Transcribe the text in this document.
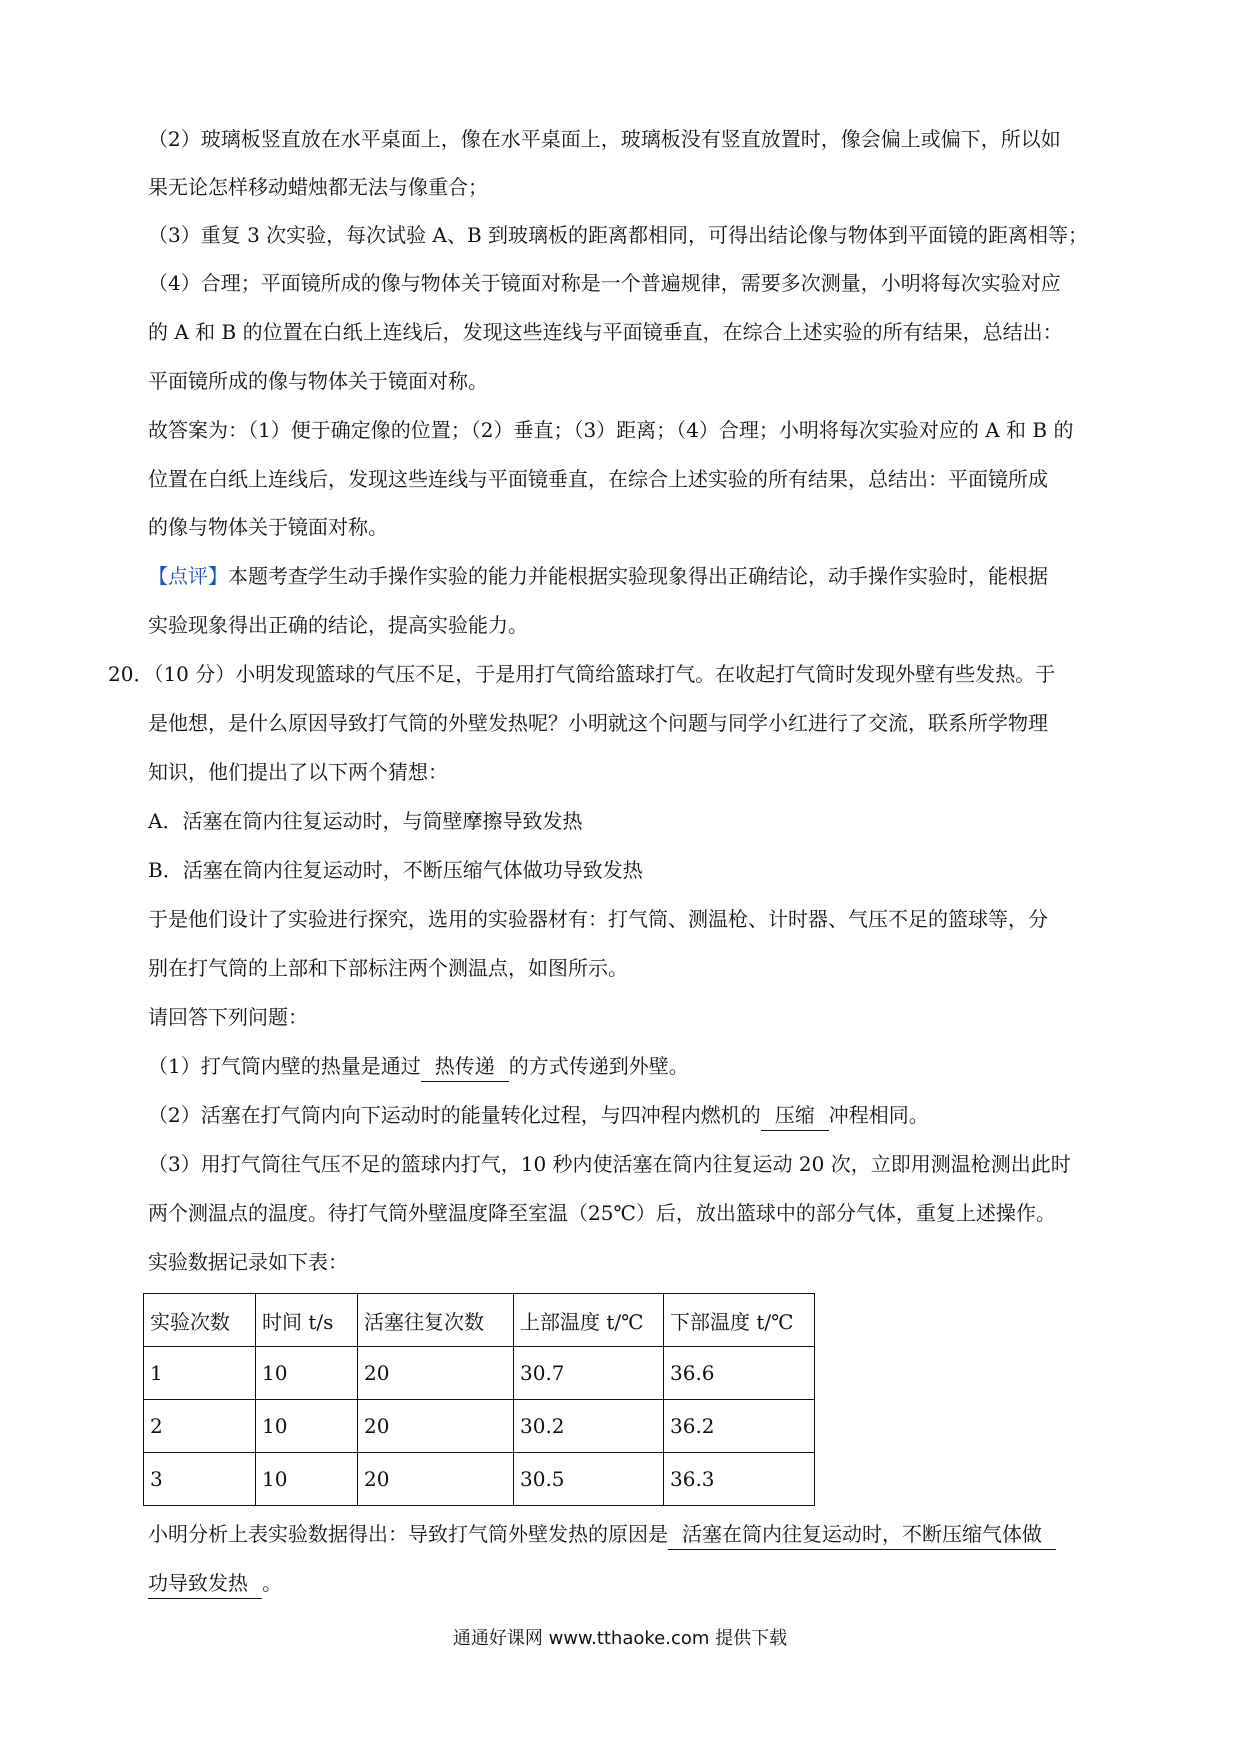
（2）玻璃板竖直放在水平桌面上，像在水平桌面上，玻璃板没有竖直放置时，像会偏上或偏下，所以如

果无论怎样移动蜡烛都无法与像重合；

（3）重复 3 次实验，每次试验 A、B 到玻璃板的距离都相同，可得出结论像与物体到平面镜的距离相等；

（4）合理；平面镜所成的像与物体关于镜面对称是一个普遍规律，需要多次测量，小明将每次实验对应

的 A 和 B 的位置在白纸上连线后，发现这些连线与平面镜垂直，在综合上述实验的所有结果，总结出：

平面镜所成的像与物体关于镜面对称。

故答案为：（1）便于确定像的位置；（2）垂直；（3）距离；（4）合理；小明将每次实验对应的 A 和 B 的

位置在白纸上连线后，发现这些连线与平面镜垂直，在综合上述实验的所有结果，总结出：平面镜所成

的像与物体关于镜面对称。

【点评】本题考查学生动手操作实验的能力并能根据实验现象得出正确结论，动手操作实验时，能根据

实验现象得出正确的结论，提高实验能力。

20．（10 分）小明发现篮球的气压不足，于是用打气筒给篮球打气。在收起打气筒时发现外壁有些发热。于

是他想，是什么原因导致打气筒的外壁发热呢？小明就这个问题与同学小红进行了交流，联系所学物理

知识，他们提出了以下两个猜想：

A．活塞在筒内往复运动时，与筒壁摩擦导致发热

B．活塞在筒内往复运动时，不断压缩气体做功导致发热

于是他们设计了实验进行探究，选用的实验器材有：打气筒、测温枪、计时器、气压不足的篮球等，分

别在打气筒的上部和下部标注两个测温点，如图所示。

请回答下列问题：

（1）打气筒内壁的热量是通过 热传递 的方式传递到外壁。

（2）活塞在打气筒内向下运动时的能量转化过程，与四冲程内燃机的 压缩 冲程相同。

（3）用打气筒往气压不足的篮球内打气，10 秒内使活塞在筒内往复运动 20 次，立即用测温枪测出此时

两个测温点的温度。待打气筒外壁温度降至室温（25℃）后，放出篮球中的部分气体，重复上述操作。

实验数据记录如下表：

实验次数	时间 t/s	活塞往复次数	上部温度 t/℃	下部温度 t/℃
1	10	20	30.7	36.6
2	10	20	30.2	36.2
3	10	20	30.5	36.3

小明分析上表实验数据得出：导致打气筒外壁发热的原因是 活塞在筒内往复运动时，不断压缩气体做

功导致发热 。

通通好课网 www.tthaoke.com 提供下载
